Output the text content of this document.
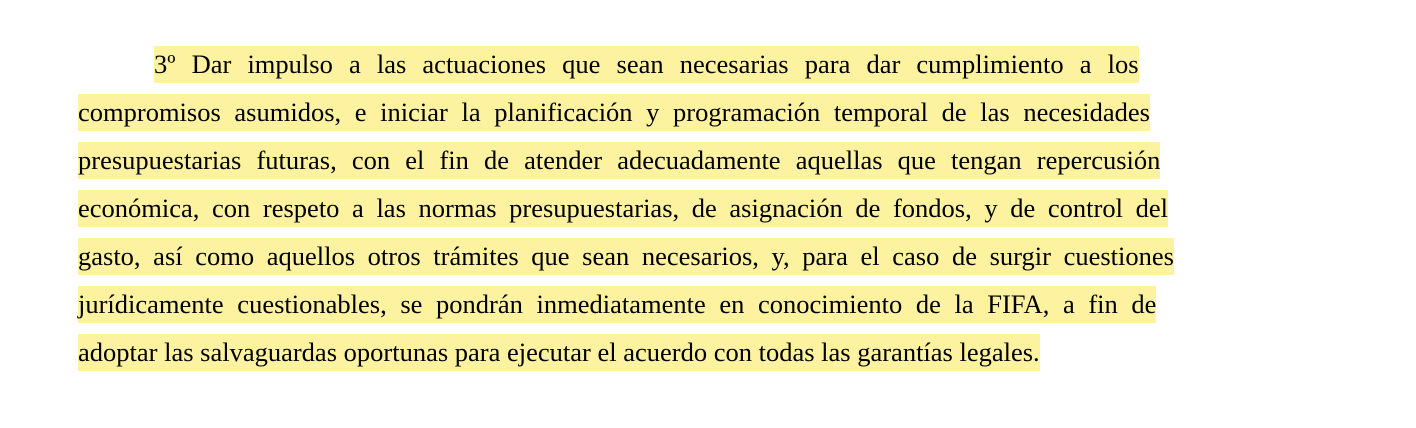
3º Dar impulso a las actuaciones que sean necesarias para dar cumplimiento a los

compromisos asumidos, e iniciar la planificación y programación temporal de las necesidades

presupuestarias futuras, con el fin de atender adecuadamente aquellas que tengan repercusión

económica, con respeto a las normas presupuestarias, de asignación de fondos, y de control del

gasto, así como aquellos otros trámites que sean necesarios, y, para el caso de surgir cuestiones

jurídicamente cuestionables, se pondrán inmediatamente en conocimiento de la FIFA, a fin de

adoptar las salvaguardas oportunas para ejecutar el acuerdo con todas las garantías legales.
